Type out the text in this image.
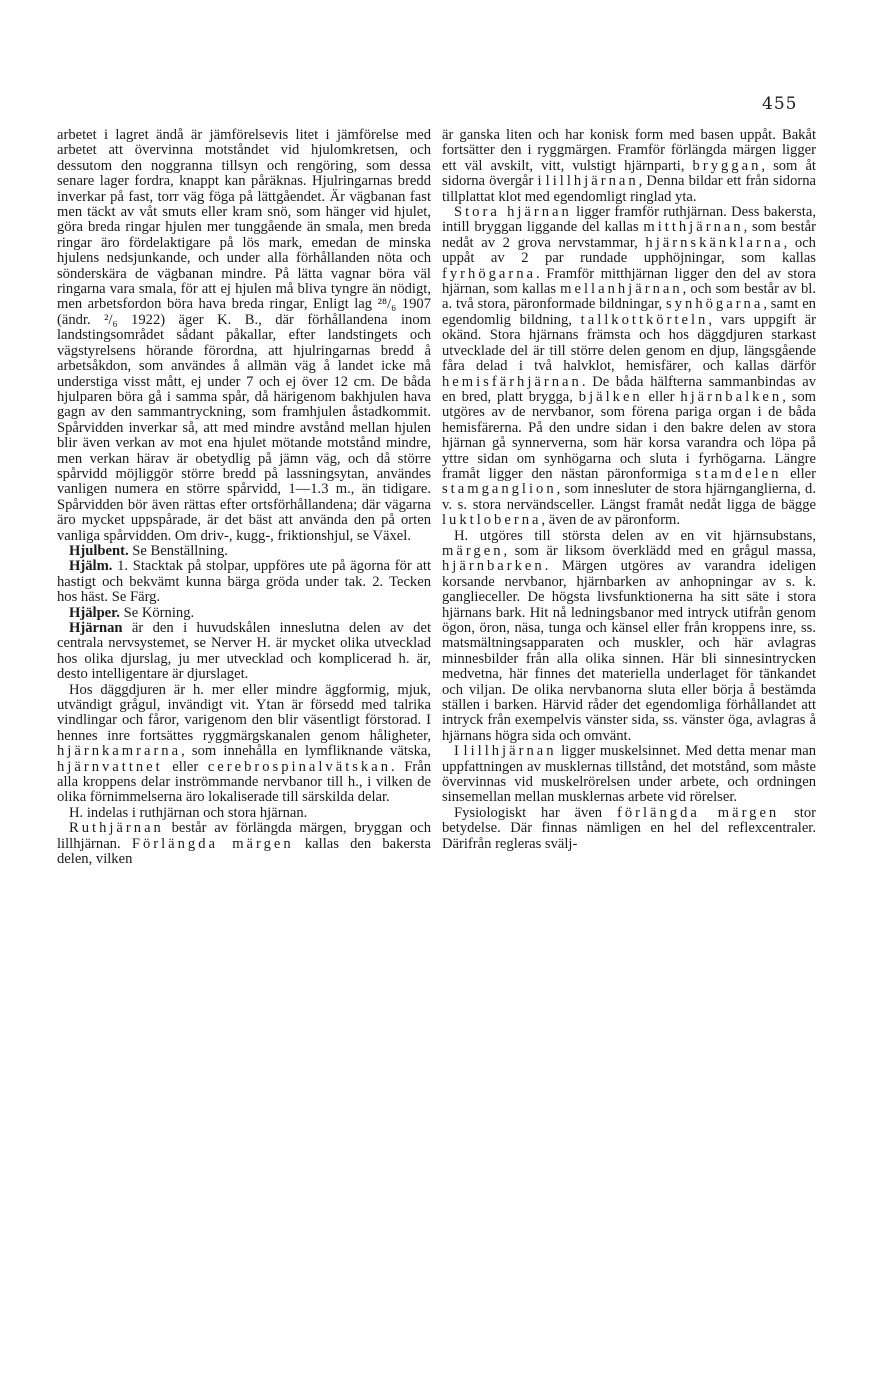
455

arbetet i lagret ändå är jämförelsevis litet i jämförelse med arbetet att övervinna motståndet vid hjulomkretsen, och dessutom den noggranna tillsyn och rengöring, som dessa senare lager fordra, knappt kan påräknas. Hjulringarnas bredd inverkar på fast, torr väg föga på lättgåendet. Är vägbanan fast men täckt av våt smuts eller kram snö, som hänger vid hjulet, göra breda ringar hjulen mer tunggående än smala, men breda ringar äro fördelaktigare på lös mark, emedan de minska hjulens nedsjunkande, och under alla förhållanden nöta och sönderskära de vägbanan mindre. På lätta vagnar böra väl ringarna vara smala, för att ej hjulen må bliva tyngre än nödigt, men arbetsfordon böra hava breda ringar, Enligt lag ²⁸/₆ 1907 (ändr. ²/₆ 1922) äger K. B., där förhållandena inom landstingsområdet sådant påkallar, efter landstingets och vägstyrelsens hörande förordna, att hjulringarnas bredd å arbetsåkdon, som användes å allmän väg å landet icke må understiga visst mått, ej under 7 och ej över 12 cm. De båda hjulparen böra gå i samma spår, då härigenom bakhjulen hava gagn av den sammantryckning, som framhjulen åstadkommit. Spårvidden inverkar så, att med mindre avstånd mellan hjulen blir även verkan av mot ena hjulet mötande motstånd mindre, men verkan härav är obetydlig på jämn väg, och då större spårvidd möjliggör större bredd på lassningsytan, användes vanligen numera en större spårvidd, 1—1.3 m., än tidigare. Spårvidden bör även rättas efter ortsförhållandena; där vägarna äro mycket uppspårade, är det bäst att använda den på orten vanliga spårvidden. Om driv-, kugg-, friktionshjul, se Växel.

Hjulbent. Se Benställning.

Hjälm. 1. Stacktak på stolpar, uppföres ute på ägorna för att hastigt och bekvämt kunna bärga gröda under tak. 2. Tecken hos häst. Se Färg.

Hjälper. Se Körning.

Hjärnan är den i huvudskålen inneslutna delen av det centrala nervsystemet, se Nerver H. är mycket olika utvecklad hos olika djurslag, ju mer utvecklad och komplicerad h. är, desto intelligentare är djurslaget.

Hos däggdjuren är h. mer eller mindre äggformig, mjuk, utvändigt grågul, invändigt vit. Ytan är försedd med talrika vindlingar och fåror, varigenom den blir väsentligt förstorad. I hennes inre fortsättes ryggmärgskanalen genom håligheter, hjärnkamrarna, som innehålla en lymfliknande vätska, hjärnvattnet eller cerebrospinalvätskan. Från alla kroppens delar inströmmande nervbanor till h., i vilken de olika förnimmelserna äro lokaliserade till särskilda delar.

H. indelas i ruthjärnan och stora hjärnan.

Ruthjärnan består av förlängda märgen, bryggan och lillhjärnan. Förlängda märgen kallas den bakersta delen, vilken

är ganska liten och har konisk form med basen uppåt. Bakåt fortsätter den i ryggmärgen. Framför förlängda märgen ligger ett väl avskilt, vitt, vulstigt hjärnparti, bryggan, som åt sidorna övergår i lillhjärnan, Denna bildar ett från sidorna tillplattat klot med egendomligt ringlad yta.

Stora hjärnan ligger framför ruthjärnan. Dess bakersta, intill bryggan liggande del kallas mitthjärnan, som består nedåt av 2 grova nervstammar, hjärnskänklarna, och uppåt av 2 par rundade upphöjningar, som kallas fyrhögarna. Framför mitthjärnan ligger den del av stora hjärnan, som kallas mellanhjärnan, och som består av bl. a. två stora, päronformade bildningar, synhögarna, samt en egendomlig bildning, tallkottkörteln, vars uppgift är okänd. Stora hjärnans främsta och hos däggdjuren starkast utvecklade del är till större delen genom en djup, längsgående fåra delad i två halvklot, hemisfärer, och kallas därför hemisfärhjärnan. De båda hälfterna sammanbindas av en bred, platt brygga, bjälken eller hjärnbalken, som utgöres av de nervbanor, som förena pariga organ i de båda hemisfärerna. På den undre sidan i den bakre delen av stora hjärnan gå synnerverna, som här korsa varandra och löpa på yttre sidan om synhögarna och sluta i fyrhögarna. Längre framåt ligger den nästan päronformiga stamdelen eller stamganglion, som innesluter de stora hjärnganglierna, d. v. s. stora nervändsceller. Längst framåt nedåt ligga de bägge luktloberna, även de av päronform.

H. utgöres till största delen av en vit hjärnsubstans, märgen, som är liksom överklädd med en grågul massa, hjärnbarken. Märgen utgöres av varandra ideligen korsande nervbanor, hjärnbarken av anhopningar av s. k. ganglieceller. De högsta livsfunktionerna ha sitt säte i stora hjärnans bark. Hit nå ledningsbanor med intryck utifrån genom ögon, öron, näsa, tunga och känsel eller från kroppens inre, ss. matsmältningsapparaten och muskler, och här avlagras minnesbilder från alla olika sinnen. Här bli sinnesintrycken medvetna, här finnes det materiella underlaget för tänkandet och viljan. De olika nervbanorna sluta eller börja å bestämda ställen i barken. Härvid råder det egendomliga förhållandet att intryck från exempelvis vänster sida, ss. vänster öga, avlagras å hjärnans högra sida och omvänt.

I lillhjärnan ligger muskelsinnet. Med detta menar man uppfattningen av musklernas tillstånd, det motstånd, som måste övervinnas vid muskelrörelsen under arbete, och ordningen sinsemellan mellan musklernas arbete vid rörelser.

Fysiologiskt har även förlängda märgen stor betydelse. Där finnas nämligen en hel del reflexcentraler. Därifrån regleras svälj-
